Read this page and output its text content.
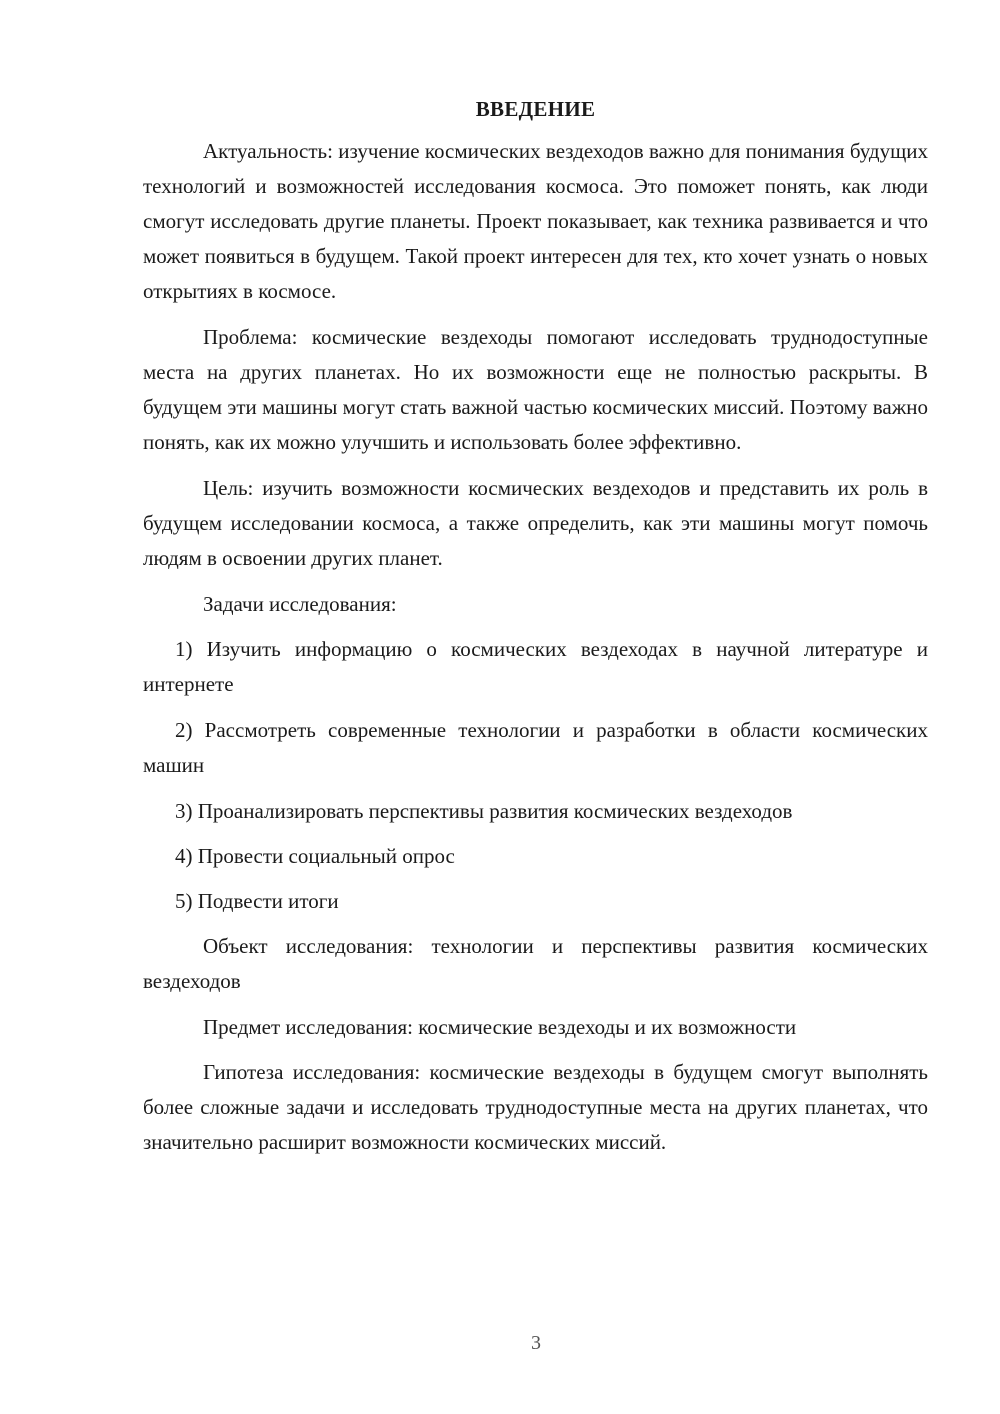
ВВЕДЕНИЕ

Актуальность: изучение космических вездеходов важно для понимания будущих технологий и возможностей исследования космоса. Это поможет понять, как люди смогут исследовать другие планеты. Проект показывает, как техника развивается и что может появиться в будущем. Такой проект интересен для тех, кто хочет узнать о новых открытиях в космосе.

Проблема: космические вездеходы помогают исследовать труднодоступные места на других планетах. Но их возможности еще не полностью раскрыты. В будущем эти машины могут стать важной частью космических миссий. Поэтому важно понять, как их можно улучшить и использовать более эффективно.

Цель: изучить возможности космических вездеходов и представить их роль в будущем исследовании космоса, а также определить, как эти машины могут помочь людям в освоении других планет.

Задачи исследования:

1) Изучить информацию о космических вездеходах в научной литературе и интернете

2) Рассмотреть современные технологии и разработки в области космических машин

3) Проанализировать перспективы развития космических вездеходов

4) Провести социальный опрос

5) Подвести итоги

Объект исследования: технологии и перспективы развития космических вездеходов

Предмет исследования: космические вездеходы и их возможности

Гипотеза исследования: космические вездеходы в будущем смогут выполнять более сложные задачи и исследовать труднодоступные места на других планетах, что значительно расширит возможности космических миссий.

3
